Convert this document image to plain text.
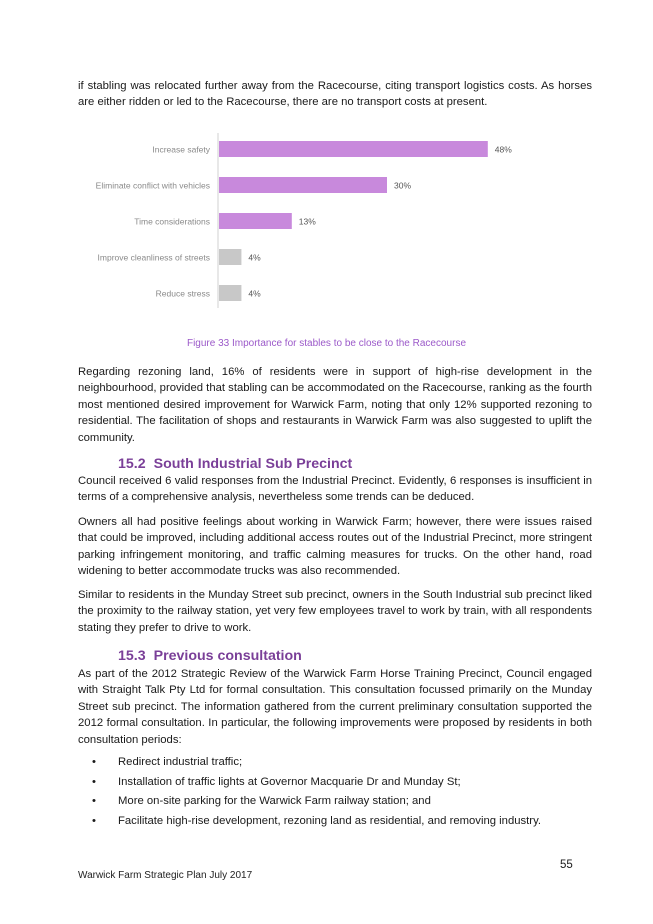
if stabling was relocated further away from the Racecourse, citing transport logistics costs. As horses are either ridden or led to the Racecourse, there are no transport costs at present.

Increase safety	48%
Eliminate conflict with vehicles	30%
Time considerations	13%
Improve cleanliness of streets	4%
Reduce stress	4%

Figure 33 Importance for stables to be close to the Racecourse

Regarding rezoning land, 16% of residents were in support of high-rise development in the neighbourhood, provided that stabling can be accommodated on the Racecourse, ranking as the fourth most mentioned desired improvement for Warwick Farm, noting that only 12% supported rezoning to residential. The facilitation of shops and restaurants in Warwick Farm was also suggested to uplift the community.

15.2 South Industrial Sub Precinct

Council received 6 valid responses from the Industrial Precinct. Evidently, 6 responses is insufficient in terms of a comprehensive analysis, nevertheless some trends can be deduced.

Owners all had positive feelings about working in Warwick Farm; however, there were issues raised that could be improved, including additional access routes out of the Industrial Precinct, more stringent parking infringement monitoring, and traffic calming measures for trucks. On the other hand, road widening to better accommodate trucks was also recommended.

Similar to residents in the Munday Street sub precinct, owners in the South Industrial sub precinct liked the proximity to the railway station, yet very few employees travel to work by train, with all respondents stating they prefer to drive to work.

15.3 Previous consultation

As part of the 2012 Strategic Review of the Warwick Farm Horse Training Precinct, Council engaged with Straight Talk Pty Ltd for formal consultation. This consultation focussed primarily on the Munday Street sub precinct. The information gathered from the current preliminary consultation supported the 2012 formal consultation. In particular, the following improvements were proposed by residents in both consultation periods:

• Redirect industrial traffic;
• Installation of traffic lights at Governor Macquarie Dr and Munday St;
• More on-site parking for the Warwick Farm railway station; and
• Facilitate high-rise development, rezoning land as residential, and removing industry.

55

Warwick Farm Strategic Plan July 2017
